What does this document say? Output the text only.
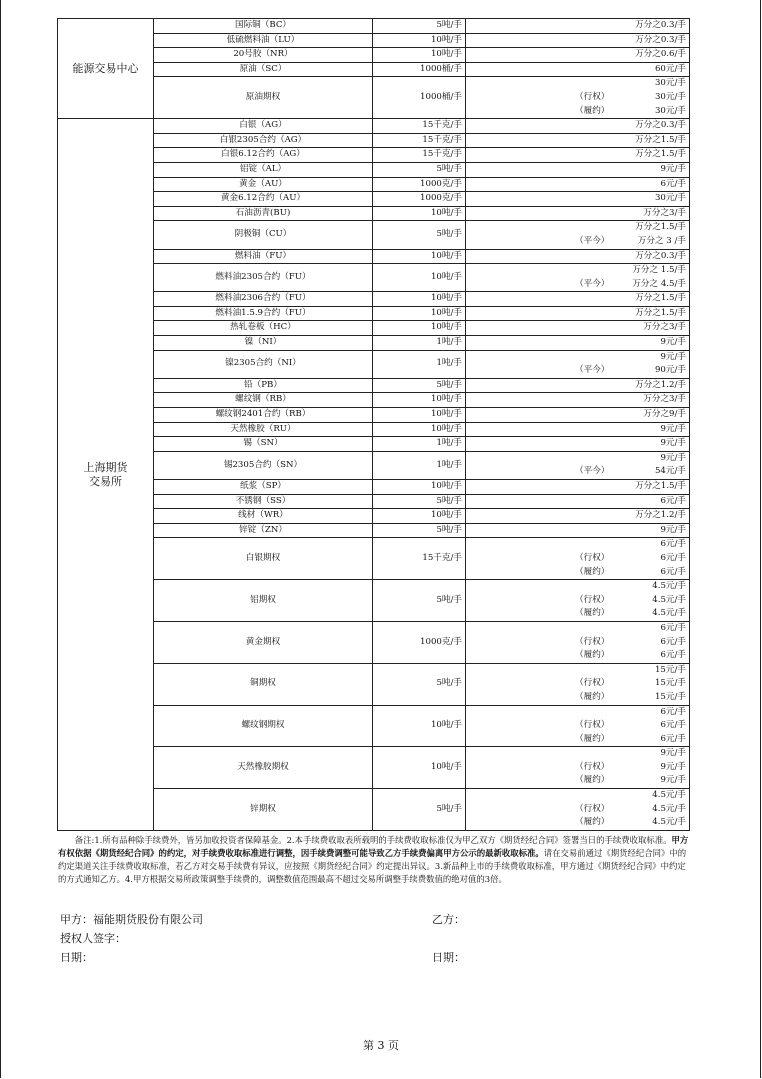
能源交易中心	国际铜（BC）	5吨/手	万分之0.3/手

	低硫燃料油（LU）	10吨/手	万分之0.3/手

	20号胶（NR）	10吨/手	万分之0.6/手

	原油（SC）	1000桶/手	60元/手

	原油期权	1000桶/手	30元/手
（行权） 30元/手
（履约） 30元/手

上海期货
交易所	白银（AG）	15千克/手	万分之0.3/手

	白银2305合约（AG）	15千克/手	万分之1.5/手

	白银6.12合约（AG）	15千克/手	万分之1.5/手

	铝锭（AL）	5吨/手	9元/手

	黄金（AU）	1000克/手	6元/手

	黄金6.12合约（AU）	1000克/手	30元/手

	石油沥青(BU)	10吨/手	万分之3/手

	阴极铜（CU）	5吨/手	万分之1.5/手
（平今） 万分之 3 /手

	燃料油（FU）	10吨/手	万分之0.3/手

	燃料油2305合约（FU）	10吨/手	万分之 1.5/手
（平今） 万分之 4.5/手

	燃料油2306合约（FU）	10吨/手	万分之1.5/手

	燃料油1.5.9合约（FU）	10吨/手	万分之1.5/手

	热轧卷板（HC）	10吨/手	万分之3/手

	镍（NI）	1吨/手	9元/手

	镍2305合约（NI）	1吨/手	9元/手
（平今） 90元/手

	铅（PB）	5吨/手	万分之1.2/手

	螺纹钢（RB）	10吨/手	万分之3/手

	螺纹钢2401合约（RB）	10吨/手	万分之9/手

	天然橡胶（RU）	10吨/手	9元/手

	锡（SN）	1吨/手	9元/手

	锡2305合约（SN）	1吨/手	9元/手
（平今） 54元/手

	纸浆（SP）	10吨/手	万分之1.5/手

	不锈钢（SS）	5吨/手	6元/手

	线材（WR）	10吨/手	万分之1.2/手

	锌锭（ZN）	5吨/手	9元/手

	白银期权	15千克/手	6元/手
（行权） 6元/手
（履约） 6元/手

	铝期权	5吨/手	4.5元/手
（行权） 4.5元/手
（履约） 4.5元/手

	黄金期权	1000克/手	6元/手
（行权） 6元/手
（履约） 6元/手

	铜期权	5吨/手	15元/手
（行权） 15元/手
（履约） 15元/手

	螺纹钢期权	10吨/手	6元/手
（行权） 6元/手
（履约） 6元/手

	天然橡胶期权	10吨/手	9元/手
（行权） 9元/手
（履约） 9元/手

	锌期权	5吨/手	4.5元/手
（行权） 4.5元/手
（履约） 4.5元/手
备注:1.所有品种除手续费外，皆另加收投资者保障基金。2.本手续费收取表所载明的手续费收取标准仅为甲乙双方《期货经纪合同》签署当日的手续费收取标准。甲方有权依据《期货经纪合同》的约定，对手续费收取标准进行调整，因手续费调整可能导致乙方手续费偏离甲方公示的最新收取标准。请在交易前通过《期货经纪合同》中的约定渠道关注手续费收取标准，若乙方对交易手续费有异议，应按照《期货经纪合同》约定提出异议。3.新品种上市的手续费收取标准，甲方通过《期货经纪合同》中约定的方式通知乙方。4.甲方根据交易所政策调整手续费的，调整数值范围最高不超过交易所调整手续费数值的绝对值的3倍。
甲方：福能期货股份有限公司	乙方：
授权人签字：
日期：	日期：
第 3 页
